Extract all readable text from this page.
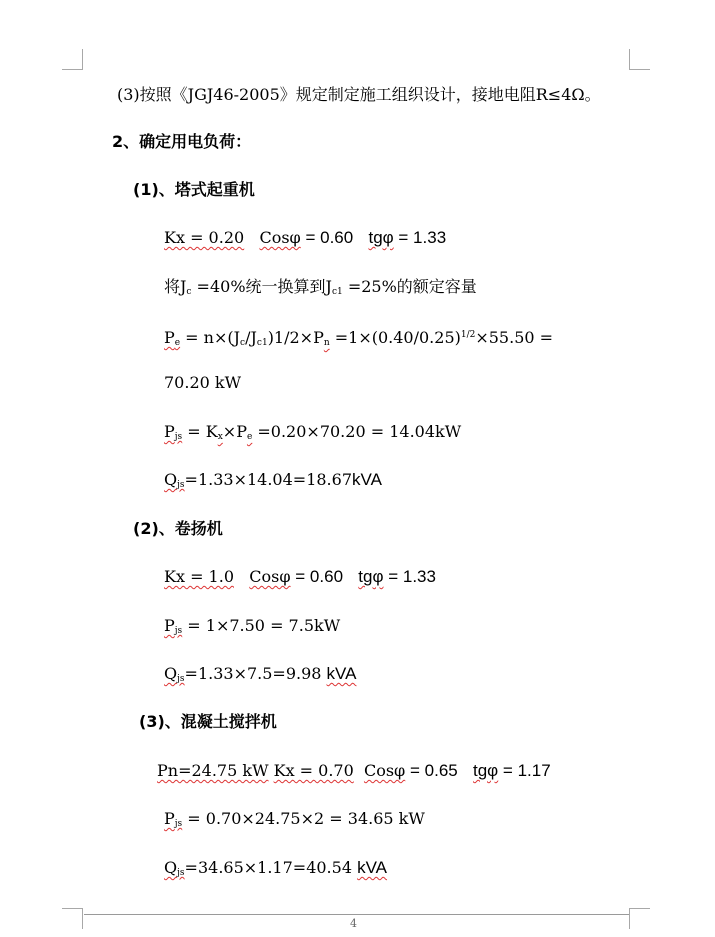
(3)按照《JGJ46-2005》规定制定施工组织设计，接地电阻R≤4Ω。
2、确定用电负荷：
(1)、塔式起重机
Kx = 0.20 Cosφ = 0.60 tgφ = 1.33
将$J_c =40\%$统一换算到$J_{c1} =25\%$的额定容量
$P_e = n\times(J_c/J_{c1})1/2\times P_n =1\times(0.40/0.25)^{1/2}\times 55.50$ =
70.20 kW
$P_{js} = K_x\times P_e =0.20\times 70.20 = 14.04kW$
$Q_{js}=1.33\times 14.04=18.67kVA$
(2)、卷扬机
Kx = 1.0 Cosφ = 0.60 tgφ = 1.33
$P_{js} = 1\times 7.50 = 7.5kW$
$Q_{js}=1.33\times 7.5=9.98$ kVA
(3)、混凝土搅拌机
Pn=24.75 kW Kx = 0.70 Cosφ = 0.65 tgφ = 1.17
$P_{js} = 0.70\times 24.75\times 2 = 34.65$ kW
$Q_{js}=34.65\times 1.17=40.54$ kVA
4
